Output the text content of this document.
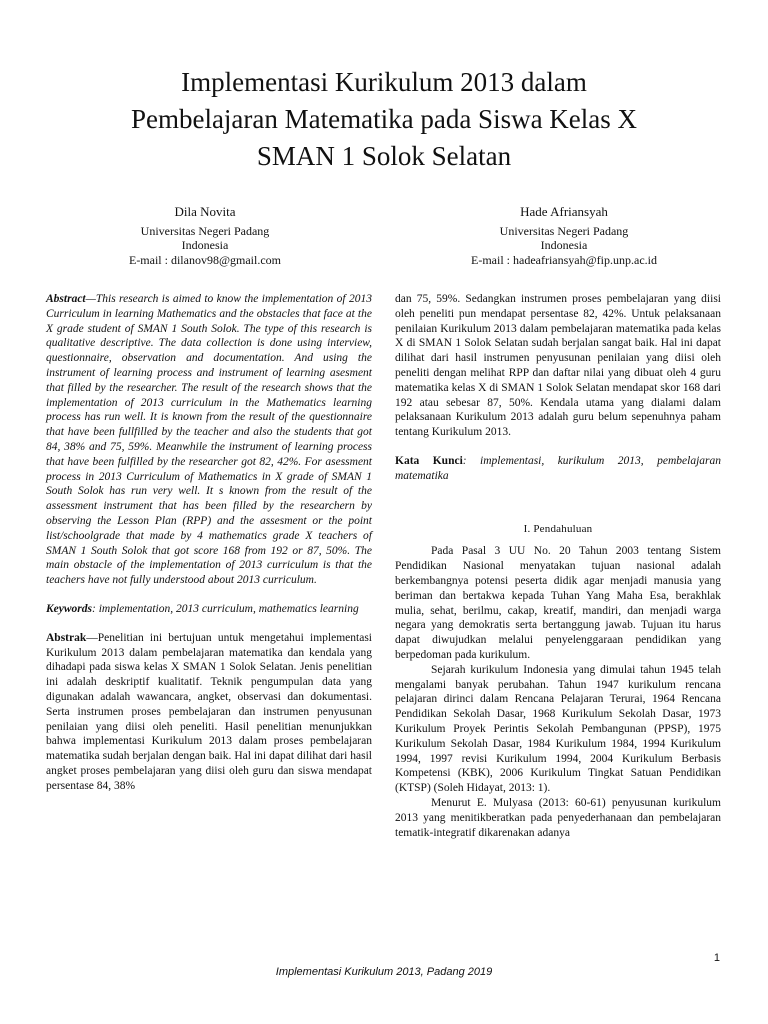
Implementasi Kurikulum 2013 dalam
Pembelajaran Matematika pada Siswa Kelas X
SMAN 1 Solok Selatan
Dila Novita
Universitas Negeri Padang
Indonesia
E-mail : dilanov98@gmail.com
Hade Afriansyah
Universitas Negeri Padang
Indonesia
E-mail : hadeafriansyah@fip.unp.ac.id

Abstract—This research is aimed to know the implementation of 2013 Curriculum in learning Mathematics and the obstacles that face at the X grade student of SMAN 1 South Solok. The type of this research is qualitative descriptive. The data collection is done using interview, questionnaire, observation and documentation. And using the instrument of learning process and instrument of learning asesment that filled by the researcher. The result of the research shows that the implementation of 2013 curriculum in the Mathematics learning process has run well. It is known from the result of the questionnaire that have been fullfilled by the teacher and also the students that got 84, 38% and 75, 59%. Meanwhile the instrument of learning process that have been fulfilled by the researcher got 82, 42%. For asessment process in 2013 Curriculum of Mathematics in X grade of SMAN 1 South Solok has run very well. It s known from the result of the assessment instrument that has been filled by the researchern by observing the Lesson Plan (RPP) and the assesment or the point list/schoolgrade that made by 4 mathematics grade X teachers of SMAN 1 South Solok that got score 168 from 192 or 87, 50%. The main obstacle of the implementation of 2013 curriculum is that the teachers have not fully understood about 2013 curriculum.

Keywords: implementation, 2013 curriculum, mathematics learning

Abstrak—Penelitian ini bertujuan untuk mengetahui implementasi Kurikulum 2013 dalam pembelajaran matematika dan kendala yang dihadapi pada siswa kelas X SMAN 1 Solok Selatan. Jenis penelitian ini adalah deskriptif kualitatif. Teknik pengumpulan data yang digunakan adalah wawancara, angket, observasi dan dokumentasi. Serta instrumen proses pembelajaran dan instrumen penyusunan penilaian yang diisi oleh peneliti. Hasil penelitian menunjukkan bahwa implementasi Kurikulum 2013 dalam proses pembelajaran matematika sudah berjalan dengan baik. Hal ini dapat dilihat dari hasil angket proses pembelajaran yang diisi oleh guru dan siswa mendapat persentase 84, 38%

dan 75, 59%. Sedangkan instrumen proses pembelajaran yang diisi oleh peneliti pun mendapat persentase 82, 42%. Untuk pelaksanaan penilaian Kurikulum 2013 dalam pembelajaran matematika pada kelas X di SMAN 1 Solok Selatan sudah berjalan sangat baik. Hal ini dapat dilihat dari hasil instrumen penyusunan penilaian yang diisi oleh peneliti dengan melihat RPP dan daftar nilai yang dibuat oleh 4 guru matematika kelas X di SMAN 1 Solok Selatan mendapat skor 168 dari 192 atau sebesar 87, 50%. Kendala utama yang dialami dalam pelaksanaan Kurikulum 2013 adalah guru belum sepenuhnya paham tentang Kurikulum 2013.

Kata Kunci: implementasi, kurikulum 2013, pembelajaran matematika

I. Pendahuluan

Pada Pasal 3 UU No. 20 Tahun 2003 tentang Sistem Pendidikan Nasional menyatakan tujuan nasional adalah berkembangnya potensi peserta didik agar menjadi manusia yang beriman dan bertakwa kepada Tuhan Yang Maha Esa, berakhlak mulia, sehat, berilmu, cakap, kreatif, mandiri, dan menjadi warga negara yang demokratis serta bertanggung jawab. Tujuan itu harus dapat diwujudkan melalui penyelenggaraan pendidikan yang berpedoman pada kurikulum.

Sejarah kurikulum Indonesia yang dimulai tahun 1945 telah mengalami banyak perubahan. Tahun 1947 kurikulum rencana pelajaran dirinci dalam Rencana Pelajaran Terurai, 1964 Rencana Pendidikan Sekolah Dasar, 1968 Kurikulum Sekolah Dasar, 1973 Kurikulum Proyek Perintis Sekolah Pembangunan (PPSP), 1975 Kurikulum Sekolah Dasar, 1984 Kurikulum 1984, 1994 Kurikulum 1994, 1997 revisi Kurikulum 1994, 2004 Kurikulum Berbasis Kompetensi (KBK), 2006 Kurikulum Tingkat Satuan Pendidikan (KTSP) (Soleh Hidayat, 2013: 1).

Menurut E. Mulyasa (2013: 60-61) penyusunan kurikulum 2013 yang menitikberatkan pada penyederhanaan dan pembelajaran tematik-integratif dikarenakan adanya

1
Implementasi Kurikulum 2013, Padang 2019
